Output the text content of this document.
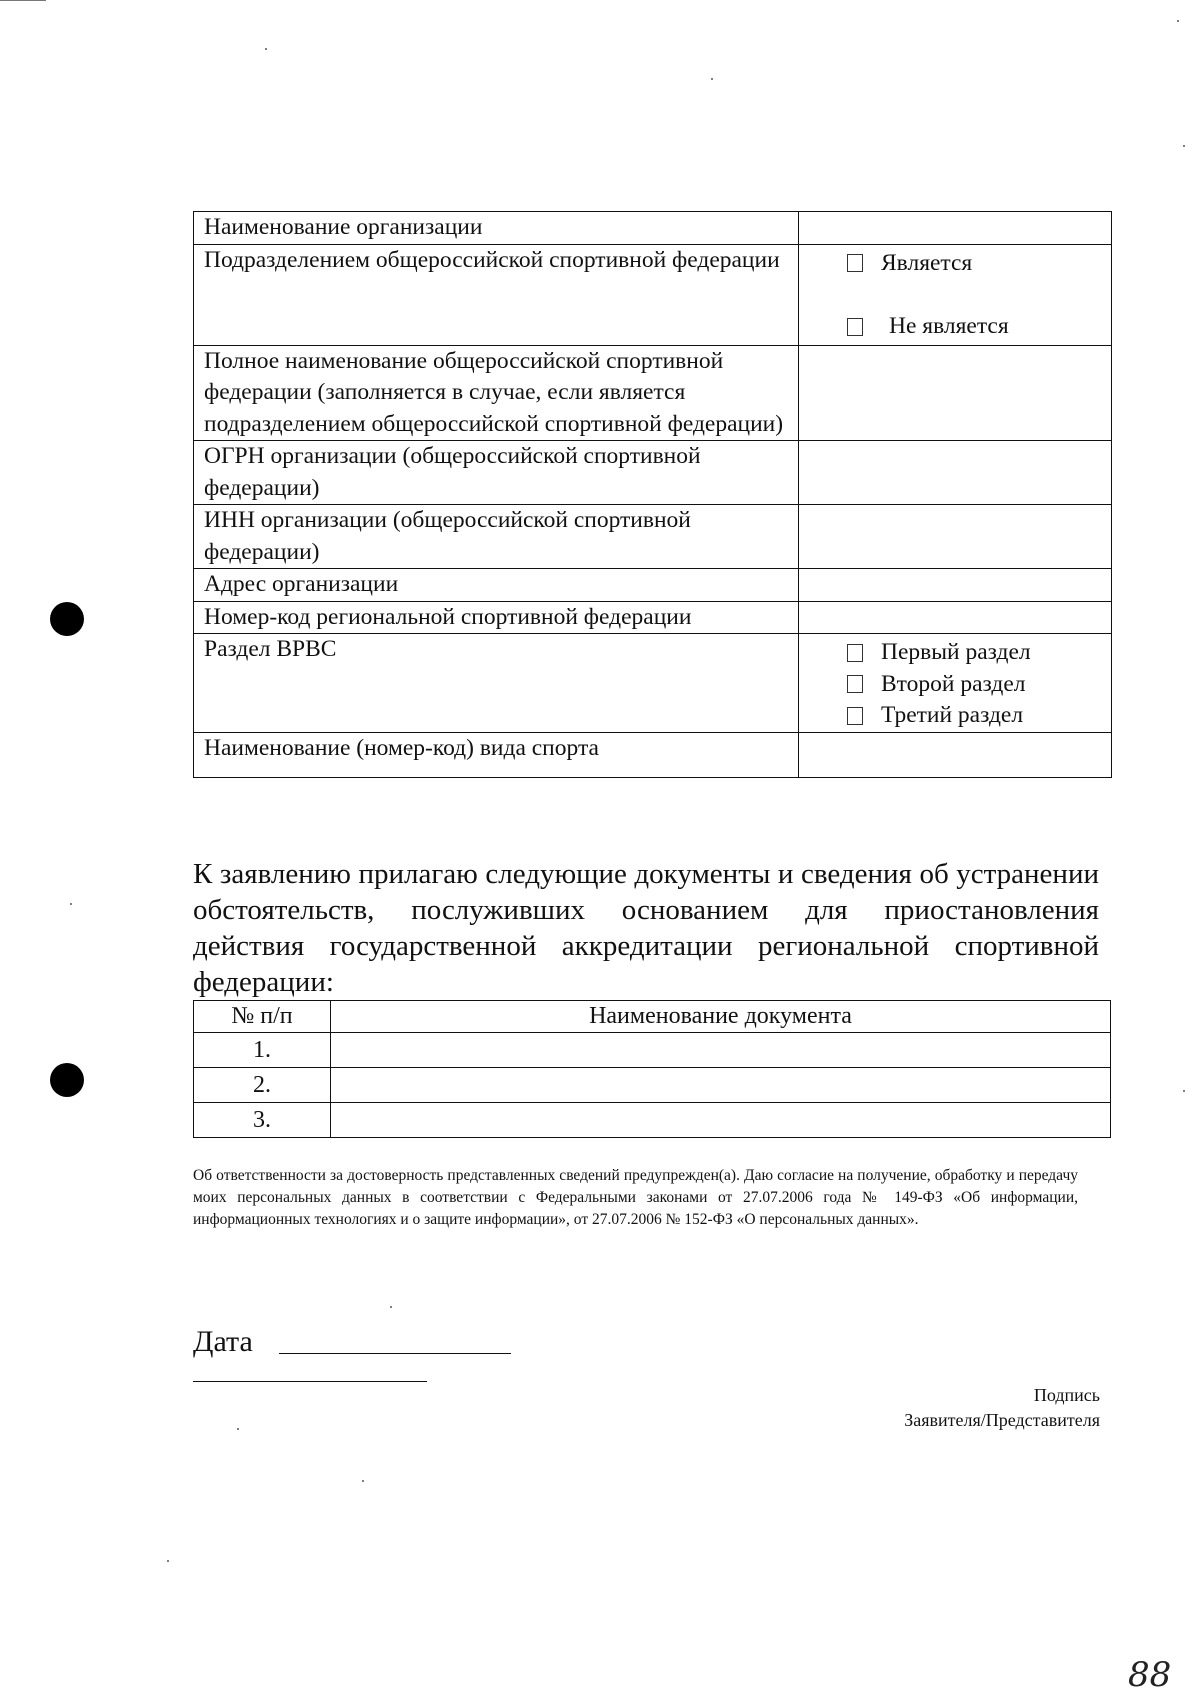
Наименование организации	
Подразделением общероссийской спортивной федерации	Является
Не является

Полное наименование общероссийской спортивной федерации (заполняется в случае, если является подразделением общероссийской спортивной федерации)	
ОГРН организации (общероссийской спортивной федерации)	
ИНН организации (общероссийской спортивной федерации)	
Адрес организации	
Номер-код региональной спортивной федерации	
Раздел ВРВС	Первый раздел
Второй раздел
Третий раздел

Наименование (номер-код) вида спорта	
К заявлению прилагаю следующие документы и сведения об устранении обстоятельств, послуживших основанием для приостановления действия государственной аккредитации региональной спортивной федерации:
№ п/п	Наименование документа
1.	
2.	
3.	
Об ответственности за достоверность представленных сведений предупрежден(а). Даю согласие на получение, обработку и передачу моих персональных данных в соответствии с Федеральными законами от 27.07.2006 года № 149-ФЗ «Об информации, информационных технологиях и о защите информации», от 27.07.2006 № 152-ФЗ «О персональных данных».
Дата
Подпись
Заявителя/Представителя
88
